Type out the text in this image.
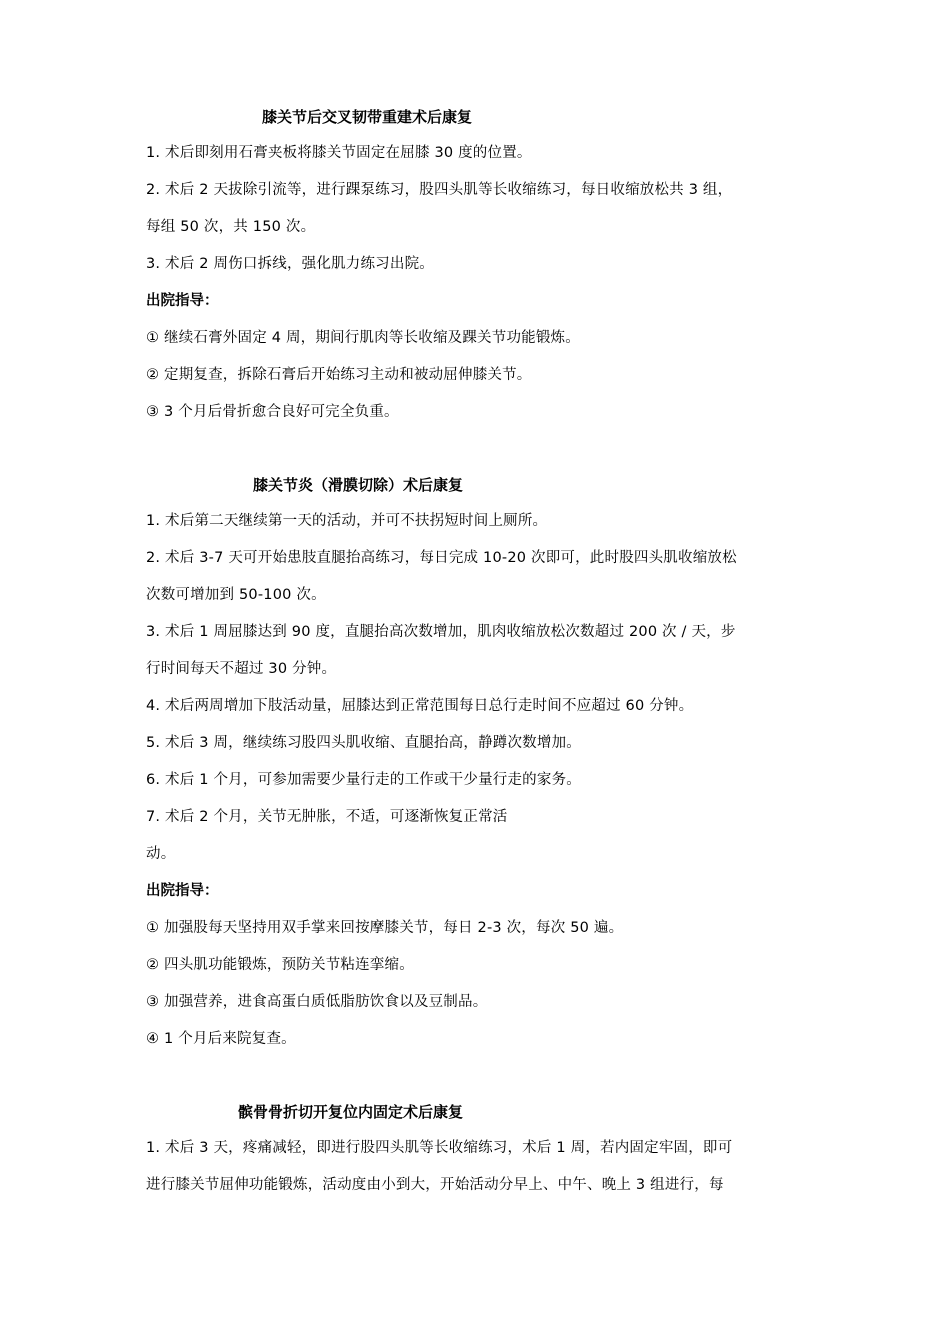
膝关节后交叉韧带重建术后康复
1. 术后即刻用石膏夹板将膝关节固定在屈膝 30 度的位置。
2. 术后 2 天拔除引流等，进行踝泵练习，股四头肌等长收缩练习，每日收缩放松共 3 组，
每组 50 次，共 150 次。
3. 术后 2 周伤口拆线，强化肌力练习出院。
出院指导：
① 继续石膏外固定 4 周，期间行肌肉等长收缩及踝关节功能锻炼。
② 定期复查，拆除石膏后开始练习主动和被动屈伸膝关节。
③ 3 个月后骨折愈合良好可完全负重。
膝关节炎（滑膜切除）术后康复
1. 术后第二天继续第一天的活动，并可不扶拐短时间上厕所。
2. 术后 3-7 天可开始患肢直腿抬高练习，每日完成 10-20 次即可，此时股四头肌收缩放松
次数可增加到 50-100 次。
3. 术后 1 周屈膝达到 90 度，直腿抬高次数增加，肌肉收缩放松次数超过 200 次 / 天，步
行时间每天不超过 30 分钟。
4. 术后两周增加下肢活动量，屈膝达到正常范围每日总行走时间不应超过 60 分钟。
5. 术后 3 周，继续练习股四头肌收缩、直腿抬高，静蹲次数增加。
6. 术后 1 个月，可参加需要少量行走的工作或干少量行走的家务。
7. 术后 2 个月，关节无肿胀，不适，可逐渐恢复正常活
动。
出院指导：
① 加强股每天坚持用双手掌来回按摩膝关节，每日 2-3 次，每次 50 遍。
② 四头肌功能锻炼，预防关节粘连挛缩。
③ 加强营养，进食高蛋白质低脂肪饮食以及豆制品。
④ 1 个月后来院复查。
髌骨骨折切开复位内固定术后康复
1. 术后 3 天，疼痛减轻，即进行股四头肌等长收缩练习，术后 1 周，若内固定牢固，即可
进行膝关节屈伸功能锻炼，活动度由小到大，开始活动分早上、中午、晚上 3 组进行，每
